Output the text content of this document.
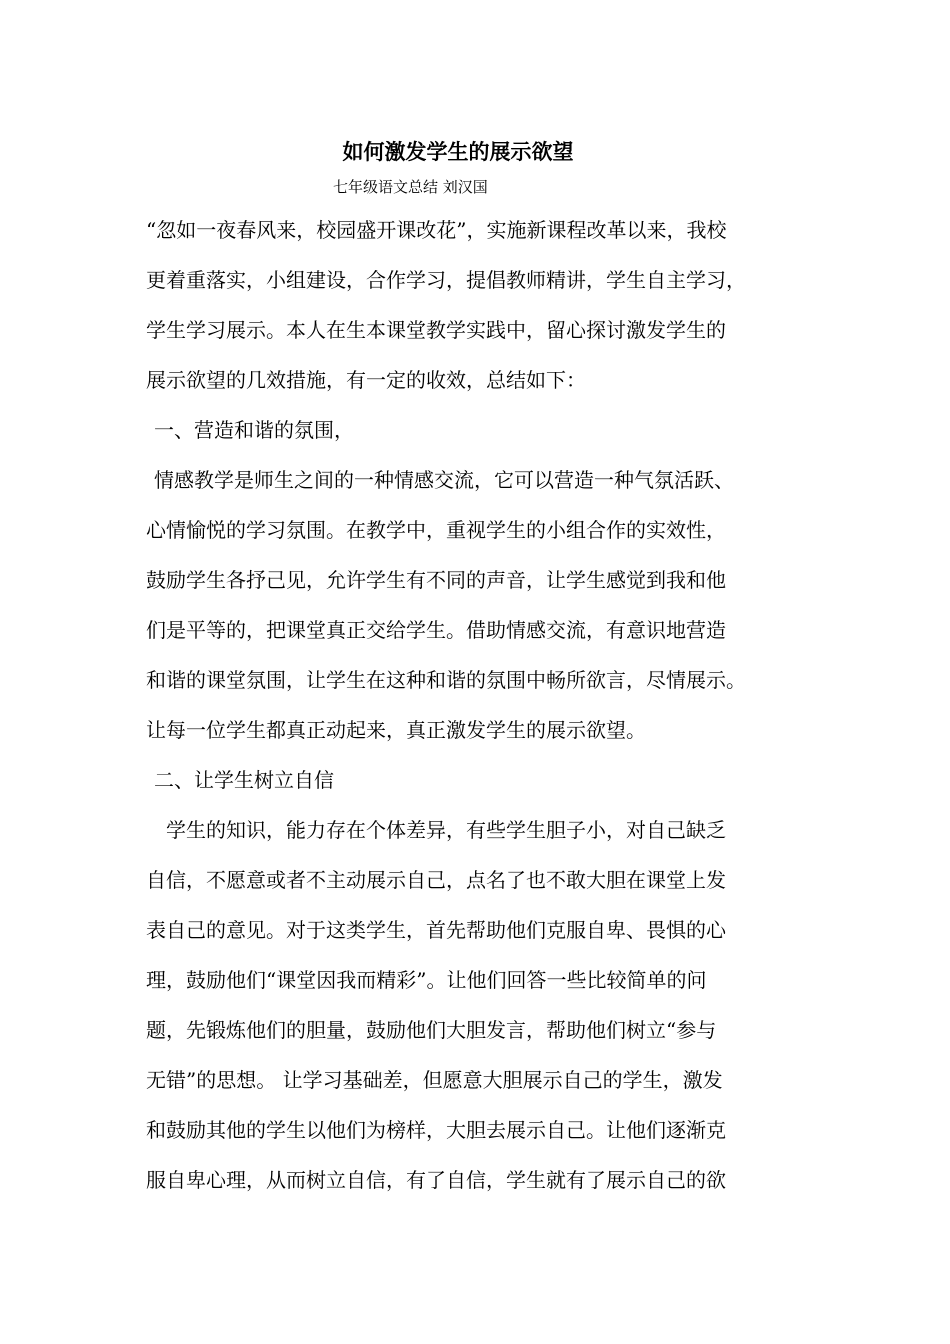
如何激发学生的展示欲望
七年级语文总结 刘汉国
“忽如一夜春风来，校园盛开课改花”，实施新课程改革以来，我校
更着重落实，小组建设，合作学习，提倡教师精讲，学生自主学习，
学生学习展示。本人在生本课堂教学实践中，留心探讨激发学生的
展示欲望的几效措施，有一定的收效，总结如下：
一、营造和谐的氛围，
情感教学是师生之间的一种情感交流，它可以营造一种气氛活跃、
心情愉悦的学习氛围。在教学中，重视学生的小组合作的实效性，
鼓励学生各抒己见，允许学生有不同的声音，让学生感觉到我和他
们是平等的，把课堂真正交给学生。借助情感交流，有意识地营造
和谐的课堂氛围，让学生在这种和谐的氛围中畅所欲言，尽情展示。
让每一位学生都真正动起来，真正激发学生的展示欲望。
二、让学生树立自信
学生的知识，能力存在个体差异，有些学生胆子小，对自己缺乏
自信，不愿意或者不主动展示自己，点名了也不敢大胆在课堂上发
表自己的意见。对于这类学生，首先帮助他们克服自卑、畏惧的心
理，鼓励他们“课堂因我而精彩”。让他们回答一些比较简单的问
题，先锻炼他们的胆量，鼓励他们大胆发言，帮助他们树立“参与
无错”的思想。 让学习基础差，但愿意大胆展示自己的学生，激发
和鼓励其他的学生以他们为榜样，大胆去展示自己。让他们逐渐克
服自卑心理，从而树立自信，有了自信，学生就有了展示自己的欲
